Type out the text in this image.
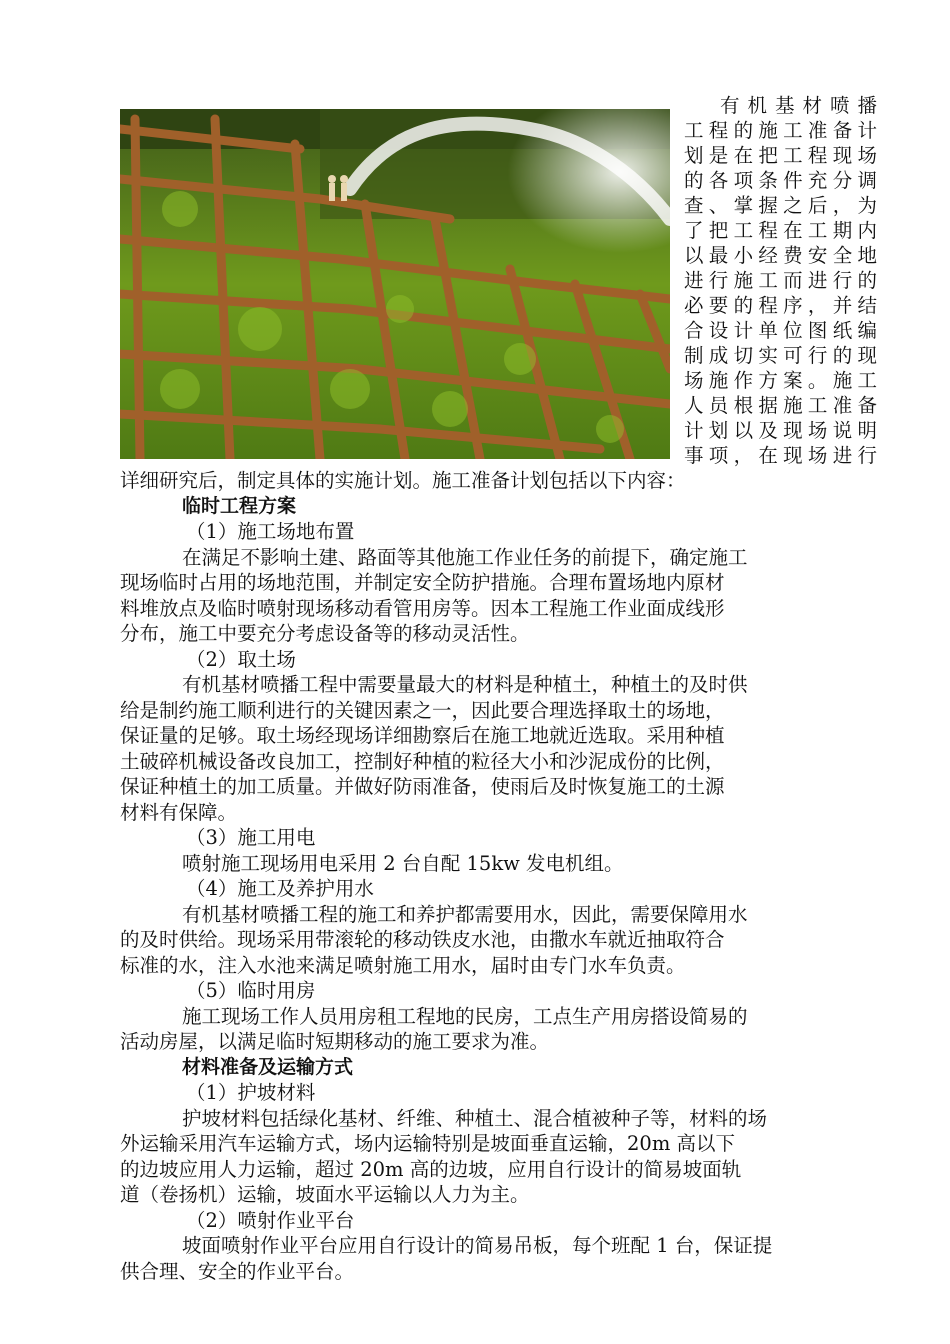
有机基材喷播
工程的施工准备计
划是在把工程现场
的各项条件充分调
查、掌握之后，为
了把工程在工期内
以最小经费安全地
进行施工而进行的
必要的程序，并结
合设计单位图纸编
制成切实可行的现
场施作方案。施工
人员根据施工准备
计划以及现场说明
事项，在现场进行
详细研究后，制定具体的实施计划。施工准备计划包括以下内容：
临时工程方案
（1）施工场地布置
在满足不影响土建、路面等其他施工作业任务的前提下，确定施工
现场临时占用的场地范围，并制定安全防护措施。合理布置场地内原材
料堆放点及临时喷射现场移动看管用房等。因本工程施工作业面成线形
分布，施工中要充分考虑设备等的移动灵活性。
（2）取土场
有机基材喷播工程中需要量最大的材料是种植土，种植土的及时供
给是制约施工顺利进行的关键因素之一，因此要合理选择取土的场地，
保证量的足够。取土场经现场详细勘察后在施工地就近选取。采用种植
土破碎机械设备改良加工，控制好种植的粒径大小和沙泥成份的比例，
保证种植土的加工质量。并做好防雨准备，使雨后及时恢复施工的土源
材料有保障。
（3）施工用电
喷射施工现场用电采用 2 台自配 15kw 发电机组。
（4）施工及养护用水
有机基材喷播工程的施工和养护都需要用水，因此，需要保障用水
的及时供给。现场采用带滚轮的移动铁皮水池，由撒水车就近抽取符合
标准的水，注入水池来满足喷射施工用水，届时由专门水车负责。
（5）临时用房
施工现场工作人员用房租工程地的民房，工点生产用房搭设简易的
活动房屋，以满足临时短期移动的施工要求为准。
材料准备及运输方式
（1）护坡材料
护坡材料包括绿化基材、纤维、种植土、混合植被种子等，材料的场
外运输采用汽车运输方式，场内运输特别是坡面垂直运输，20m 高以下
的边坡应用人力运输，超过 20m 高的边坡，应用自行设计的简易坡面轨
道（卷扬机）运输，坡面水平运输以人力为主。
（2）喷射作业平台
坡面喷射作业平台应用自行设计的简易吊板，每个班配 1 台，保证提
供合理、安全的作业平台。
